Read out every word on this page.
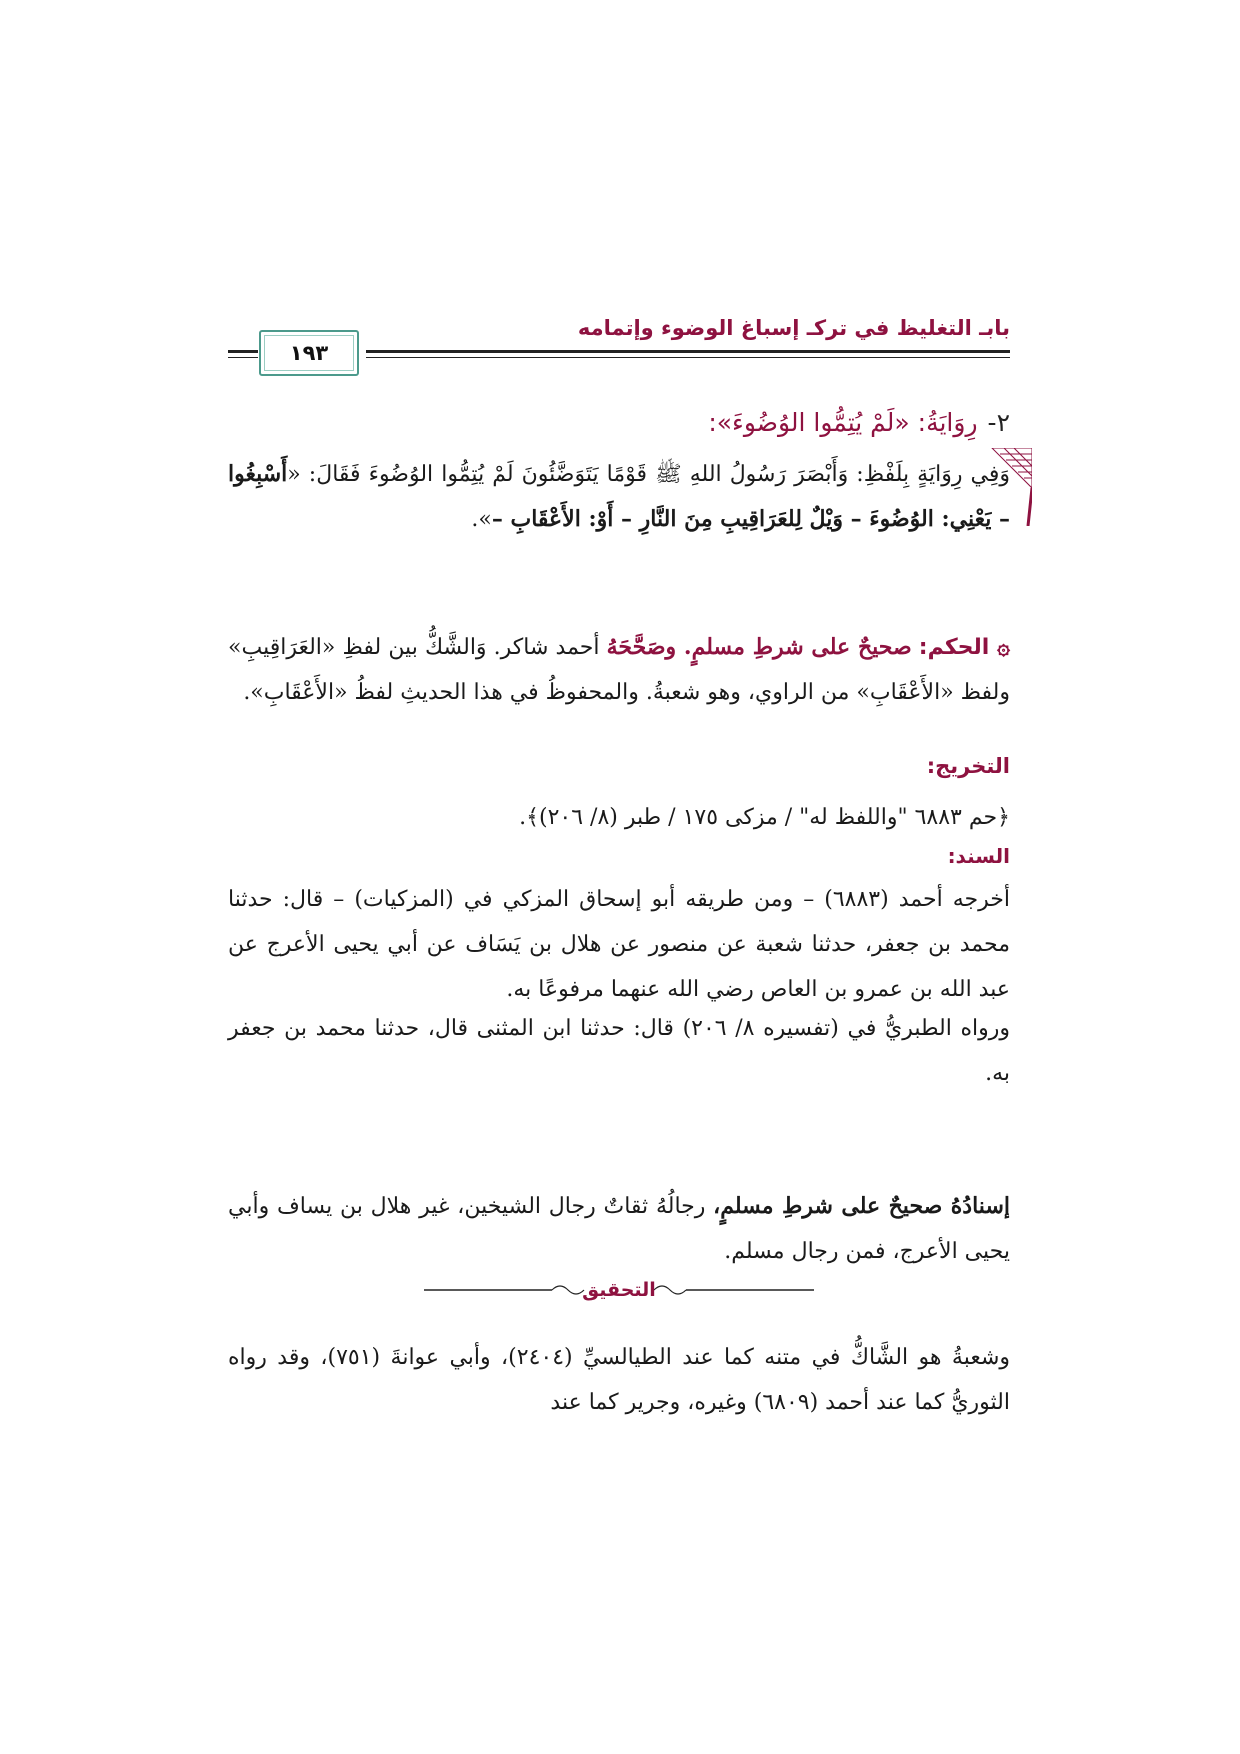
بابـ التغليظ في تركـ إسباغ الوضوء وإتمامه
١٩٣
٢-رِوَايَةُ: «لَمْ يُتِمُّوا الوُضُوءَ»:
وَفِي رِوَايَةٍ بِلَفْظِ: وَأَبْصَرَ رَسُولُ اللهِ ﷺ قَوْمًا يَتَوَضَّئُونَ لَمْ يُتِمُّوا الوُضُوءَ فَقَالَ: «أَسْبِغُوا – يَعْنِي: الوُضُوءَ – وَيْلٌ لِلعَرَاقِيبِ مِنَ النَّارِ – أَوْ: الأَعْقَابِ –».
۞ الحكم: صحيحٌ على شرطِ مسلمٍ. وصَحَّحَهُ أحمد شاكر. وَالشَّكُّ بين لفظِ «العَرَاقِيبِ» ولفظ «الأَعْقَابِ» من الراوي، وهو شعبةُ. والمحفوظُ في هذا الحديثِ لفظُ «الأَعْقَابِ».
التخريج:
﴿حم ٦٨٨٣ "واللفظ له" / مزكى ١٧٥ / طبر (٨/ ٢٠٦)﴾.
السند:
أخرجه أحمد (٦٨٨٣) – ومن طريقه أبو إسحاق المزكي في (المزكيات) – قال: حدثنا محمد بن جعفر، حدثنا شعبة عن منصور عن هلال بن يَسَاف عن أبي يحيى الأعرج عن عبد الله بن عمرو بن العاص رضي الله عنهما مرفوعًا به.
ورواه الطبريُّ في (تفسيره ٨/ ٢٠٦) قال: حدثنا ابن المثنى قال، حدثنا محمد بن جعفر به.
التحقيق
إسنادُهُ صحيحٌ على شرطِ مسلمٍ، رجالُهُ ثقاتٌ رجال الشيخين، غير هلال بن يساف وأبي يحيى الأعرج، فمن رجال مسلم.
وشعبةُ هو الشَّاكُّ في متنه كما عند الطيالسيِّ (٢٤٠٤)، وأبي عوانةَ (٧٥١)، وقد رواه الثوريُّ كما عند أحمد (٦٨٠٩) وغيره، وجرير كما عند
